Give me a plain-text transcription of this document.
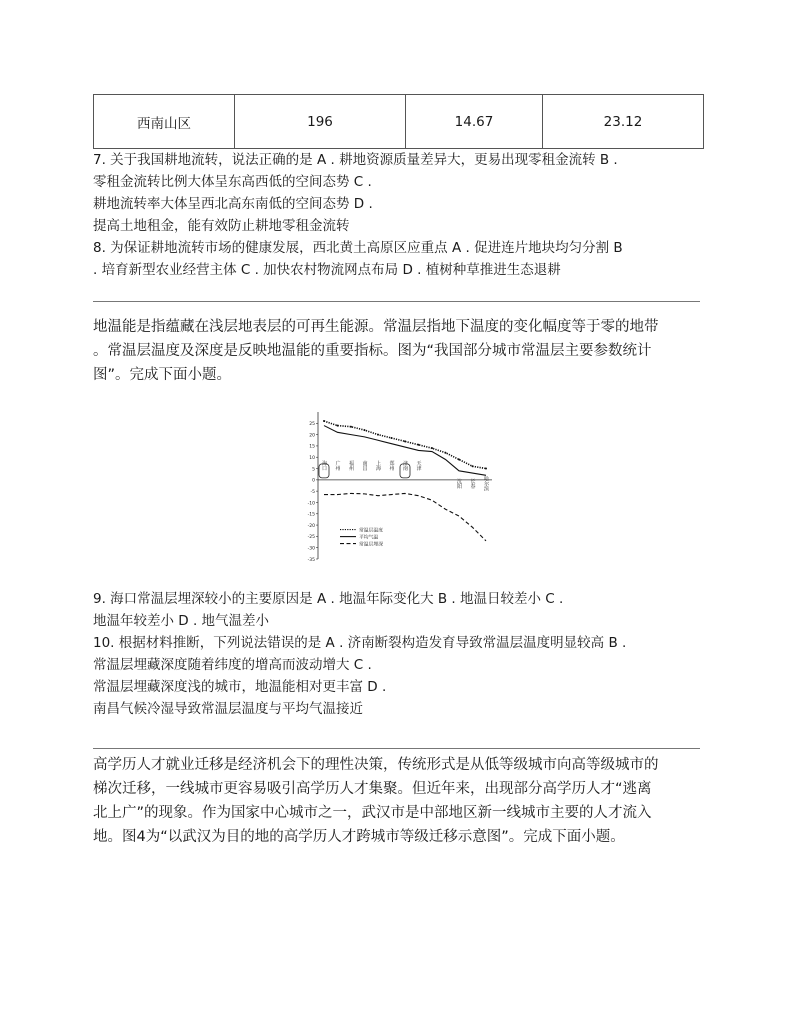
西南山区	196	14.67	23.12
7. 关于我国耕地流转，说法正确的是 A . 耕地资源质量差异大，更易出现零租金流转 B .
零租金流转比例大体呈东高西低的空间态势 C .
耕地流转率大体呈西北高东南低的空间态势 D .
提高土地租金，能有效防止耕地零租金流转
8. 为保证耕地流转市场的健康发展，西北黄土高原区应重点 A . 促进连片地块均匀分割 B
. 培育新型农业经营主体 C . 加快农村物流网点布局 D . 植树种草推进生态退耕
地温能是指蕴藏在浅层地表层的可再生能源。常温层指地下温度的变化幅度等于零的地带
。常温层温度及深度是反映地温能的重要指标。图为“我国部分城市常温层主要参数统计
图”。完成下面小题。
25
20
15
10
5
0
-5
-10
-15
-20
-25
-30
-35
海口 广州 福州 南昌 上海 郑州 济南 天津
沈阳 长春 哈尔滨
常温层温度
平均气温
常温层埋深
9. 海口常温层埋深较小的主要原因是 A . 地温年际变化大 B . 地温日较差小 C .
地温年较差小 D . 地气温差小
10. 根据材料推断，下列说法错误的是 A . 济南断裂构造发育导致常温层温度明显较高 B .
常温层埋藏深度随着纬度的增高而波动增大 C .
常温层埋藏深度浅的城市，地温能相对更丰富 D .
南昌气候冷湿导致常温层温度与平均气温接近
高学历人才就业迁移是经济机会下的理性决策，传统形式是从低等级城市向高等级城市的
梯次迁移，一线城市更容易吸引高学历人才集聚。但近年来，出现部分高学历人才“逃离
北上广”的现象。作为国家中心城市之一，武汉市是中部地区新一线城市主要的人才流入
地。图4为“以武汉为目的地的高学历人才跨城市等级迁移示意图”。完成下面小题。
